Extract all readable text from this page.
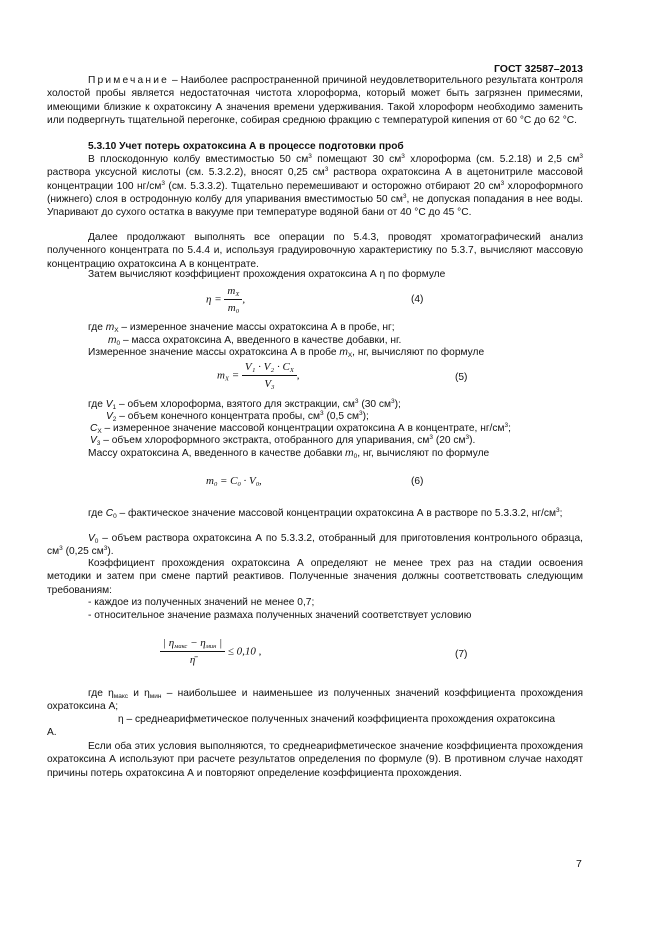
ГОСТ 32587–2013
Примечание – Наиболее распространенной причиной неудовлетворительного результата контроля холостой пробы является недостаточная чистота хлороформа, который может быть загрязнен примесями, имеющими близкие к охратоксину А значения времени удерживания. Такой хлороформ необходимо заменить или подвергнуть тщательной перегонке, собирая среднюю фракцию с температурой кипения от 60 °С до 62 °С.
5.3.10 Учет потерь охратоксина А в процессе подготовки проб
В плоскодонную колбу вместимостью 50 $см^3$ помещают 30 $см^3$ хлороформа (см. 5.2.18) и 2,5 $см^3$ раствора уксусной кислоты (см. 5.3.2.2), вносят 0,25 $см^3$ раствора охратоксина А в ацетонитриле массовой концентрации 100 $нг/см^3$ (см. 5.3.3.2). Тщательно перемешивают и осторожно отбирают 20 $см^3$ хлороформного (нижнего) слоя в остродонную колбу для упаривания вместимостью 50 $см^3$, не допуская попадания в нее воды. Упаривают до сухого остатка в вакууме при температуре водяной бани от 40 °С до 45 °С.
Далее продолжают выполнять все операции по 5.4.3, проводят хроматографический анализ полученного концентрата по 5.4.4 и, используя градуировочную характеристику по 5.3.7, вычисляют массовую концентрацию охратоксина А в концентрате.
Затем вычисляют коэффициент прохождения охратоксина А η по формуле
$\eta = \frac{m_X}{m_0}$ ,	(4)
где $m_X$ – измеренное значение массы охратоксина А в пробе, нг;
$m_0$ – масса охратоксина А, введенного в качестве добавки, нг.
Измеренное значение массы охратоксина А в пробе $m_X$, нг, вычисляют по формуле
$m_X = \frac{V_1 \cdot V_2 \cdot C_X}{V_3}$ ,	(5)
где $V_1$ – объем хлороформа, взятого для экстракции, $см^3$ (30 $см^3$);
$V_2$ – объем конечного концентрата пробы, $см^3$ (0,5 $см^3$);
$C_X$ – измеренное значение массовой концентрации охратоксина А в концентрате, $нг/см^3$;
$V_3$ – объем хлороформного экстракта, отобранного для упаривания, $см^3$ (20 $см^3$).
Массу охратоксина А, введенного в качестве добавки $m_0$, нг, вычисляют по формуле
$m_0 = C_0 \cdot V_0$,	(6)
где $C_0$ – фактическое значение массовой концентрации охратоксина А в растворе по 5.3.3.2, $нг/см^3$;
$V_0$ – объем раствора охратоксина А по 5.3.3.2, отобранный для приготовления контрольного образца, $см^3$ (0,25 $см^3$).
Коэффициент прохождения охратоксина А определяют не менее трех раз на стадии освоения методики и затем при смене партий реактивов. Полученные значения должны соответствовать следующим требованиям:
- каждое из полученных значений не менее 0,7;
- относительное значение размаха полученных значений соответствует условию
$\frac{| \eta_{макс} - \eta_{мин} |}{\etā} \le 0,10$ ,	(7)
где $\eta_{макс}$ и $\eta_{мин}$ – наибольшее и наименьшее из полученных значений коэффициента прохождения охратоксина А;
η – среднеарифметическое полученных значений коэффициента прохождения охратоксина
А.
Если оба этих условия выполняются, то среднеарифметическое значение коэффициента прохождения охратоксина А используют при расчете результатов определения по формуле (9). В противном случае находят причины потерь охратоксина А и повторяют определение коэффициента прохождения.
7
